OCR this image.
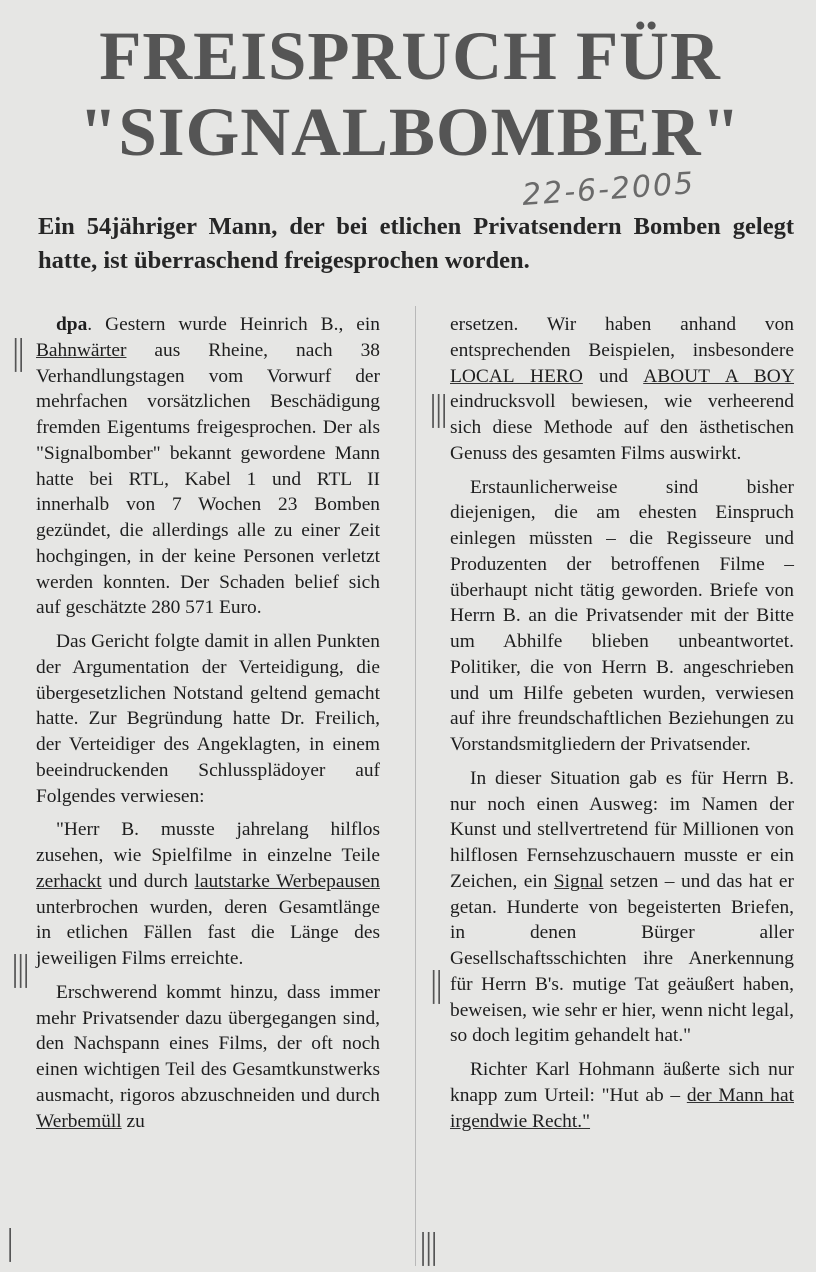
FREISPRUCH FÜR
"SIGNALBOMBER"
22-6-2005

Ein 54jähriger Mann, der bei etlichen Privatsendern Bomben gelegt hatte, ist überraschend freigesprochen worden.

||
|||
|
|||
||
|||

dpa. Gestern wurde Heinrich B., ein Bahnwärter aus Rheine, nach 38 Verhandlungstagen vom Vorwurf der mehrfachen vorsätzlichen Beschädigung fremden Eigentums freigesprochen. Der als "Signalbomber" bekannt gewordene Mann hatte bei RTL, Kabel 1 und RTL II innerhalb von 7 Wochen 23 Bomben gezündet, die allerdings alle zu einer Zeit hochgingen, in der keine Personen verletzt werden konnten. Der Schaden belief sich auf geschätzte 280 571 Euro.

Das Gericht folgte damit in allen Punkten der Argumentation der Verteidigung, die übergesetzlichen Notstand geltend gemacht hatte. Zur Begründung hatte Dr. Freilich, der Verteidiger des Angeklagten, in einem beeindruckenden Schlussplädoyer auf Folgendes verwiesen:

"Herr B. musste jahrelang hilflos zusehen, wie Spielfilme in einzelne Teile zerhackt und durch lautstarke Werbepausen unterbrochen wurden, deren Gesamtlänge in etlichen Fällen fast die Länge des jeweiligen Films erreichte.

Erschwerend kommt hinzu, dass immer mehr Privatsender dazu übergegangen sind, den Nachspann eines Films, der oft noch einen wichtigen Teil des Gesamtkunstwerks ausmacht, rigoros abzuschneiden und durch Werbemüll zu

ersetzen. Wir haben anhand von entsprechenden Beispielen, insbesondere LOCAL HERO und ABOUT A BOY eindrucksvoll bewiesen, wie verheerend sich diese Methode auf den ästhetischen Genuss des gesamten Films auswirkt.

Erstaunlicherweise sind bisher diejenigen, die am ehesten Einspruch einlegen müssten – die Regisseure und Produzenten der betroffenen Filme – überhaupt nicht tätig geworden. Briefe von Herrn B. an die Privatsender mit der Bitte um Abhilfe blieben unbeantwortet. Politiker, die von Herrn B. angeschrieben und um Hilfe gebeten wurden, verwiesen auf ihre freundschaftlichen Beziehungen zu Vorstandsmitgliedern der Privatsender.

In dieser Situation gab es für Herrn B. nur noch einen Ausweg: im Namen der Kunst und stellvertretend für Millionen von hilflosen Fernsehzuschauern musste er ein Zeichen, ein Signal setzen – und das hat er getan. Hunderte von begeisterten Briefen, in denen Bürger aller Gesellschaftsschichten ihre Anerkennung für Herrn B's. mutige Tat geäußert haben, beweisen, wie sehr er hier, wenn nicht legal, so doch legitim gehandelt hat."

Richter Karl Hohmann äußerte sich nur knapp zum Urteil: "Hut ab – der Mann hat irgendwie Recht."
